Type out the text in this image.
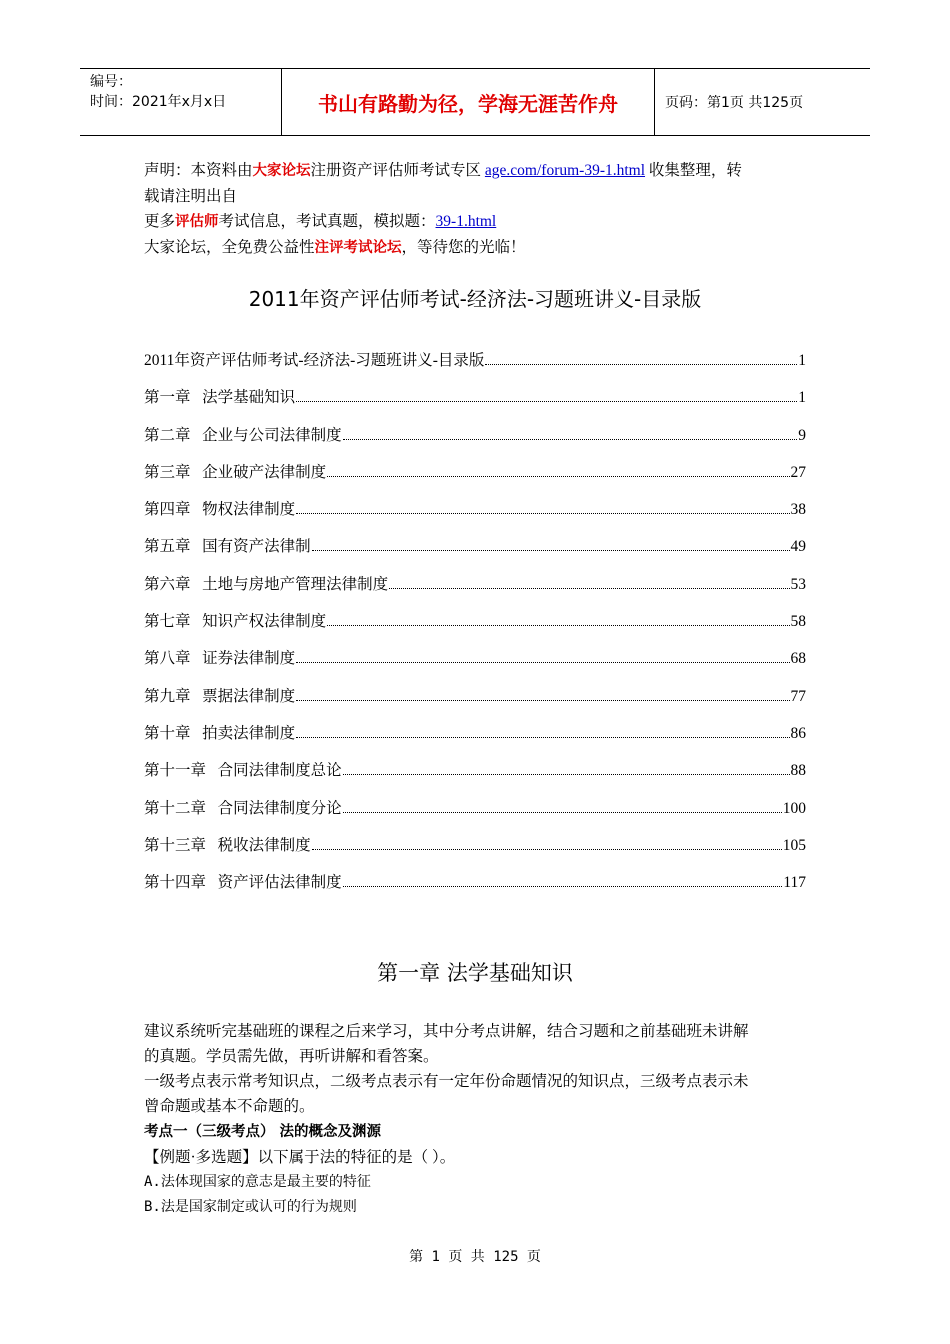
编号：
时间：2021年x月x日	书山有路勤为径，学海无涯苦作舟	页码：第1页 共125页
声明：本资料由大家论坛注册资产评估师考试专区 age.com/forum-39-1.html 收集整理，转
载请注明出自
更多评估师考试信息，考试真题，模拟题：39-1.html
大家论坛，全免费公益性注评考试论坛，等待您的光临！
2011年资产评估师考试-经济法-习题班讲义-目录版
2011年资产评估师考试-经济法-习题班讲义-目录版	1
第一章   法学基础知识	1
第二章   企业与公司法律制度	9
第三章   企业破产法律制度	27
第四章   物权法律制度	38
第五章   国有资产法律制	49
第六章   土地与房地产管理法律制度	53
第七章   知识产权法律制度	58
第八章   证券法律制度	68
第九章   票据法律制度	77
第十章   拍卖法律制度	86
第十一章   合同法律制度总论	88
第十二章   合同法律制度分论	100
第十三章   税收法律制度	105
第十四章   资产评估法律制度	117
第一章 法学基础知识
建议系统听完基础班的课程之后来学习，其中分考点讲解，结合习题和之前基础班未讲解
的真题。学员需先做，再听讲解和看答案。
一级考点表示常考知识点，二级考点表示有一定年份命题情况的知识点，三级考点表示未
曾命题或基本不命题的。
考点一（三级考点） 法的概念及渊源
【例题·多选题】以下属于法的特征的是（ ）。
A.法体现国家的意志是最主要的特征
B.法是国家制定或认可的行为规则
第 1 页 共 125 页
